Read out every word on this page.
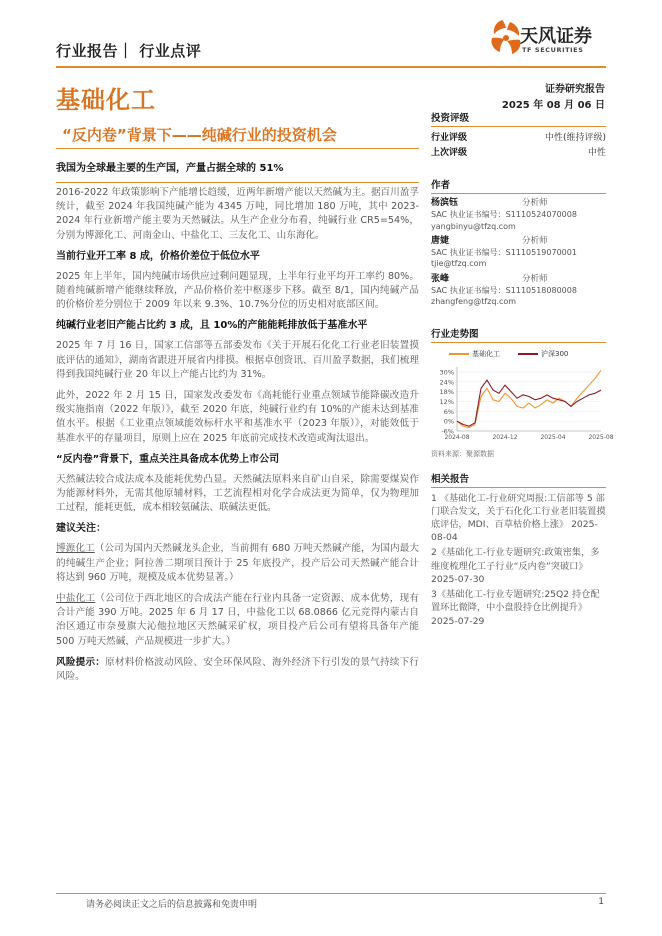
行业报告｜ 行业点评
天风证券
TF SECURITIES
基础化工	证券研究报告
2025 年 08 月 06 日
“反内卷”背景下——纯碱行业的投资机会
我国为全球最主要的生产国，产量占据全球的 51%

2016-2022 年政策影响下产能增长趋缓，近两年新增产能以天然碱为主。据百川盈孚统计，截至 2024 年我国纯碱产能为 4345 万吨，同比增加 180 万吨，其中 2023-2024 年行业新增产能主要为天然碱法。从生产企业分布看，纯碱行业 CR5=54%，分别为博源化工、河南金山、中盐化工、三友化工、山东海化。

当前行业开工率 8 成，价格价差位于低位水平

2025 年上半年，国内纯碱市场供应过剩问题显现，上半年行业平均开工率约 80%。随着纯碱新增产能继续释放，产品价格价差中枢逐步下移。截至 8/1，国内纯碱产品的价格价差分别位于 2009 年以来 9.3%、10.7%分位的历史相对底部区间。

纯碱行业老旧产能占比约 3 成，且 10%的产能能耗排放低于基准水平

2025 年 7 月 16 日，国家工信部等五部委发布《关于开展石化化工行业老旧装置摸底评估的通知》，湖南省跟进开展省内排摸。根据卓创资讯、百川盈孚数据，我们梳理得到我国纯碱行业 20 年以上产能占比约为 31%。

此外，2022 年 2 月 15 日，国家发改委发布《高耗能行业重点领域节能降碳改造升级实施指南（2022 年版）》，截至 2020 年底，纯碱行业约有 10%的产能未达到基准值水平。根据《工业重点领域能效标杆水平和基准水平（2023 年版）》，对能效低于基准水平的存量项目，原则上应在 2025 年底前完成技术改造或淘汰退出。

“反内卷”背景下，重点关注具备成本优势上市公司

天然碱法较合成法成本及能耗优势凸显。天然碱法原料来自矿山自采，除需要煤炭作为能源材料外，无需其他原辅材料，工艺流程相对化学合成法更为简单，仅为物理加工过程，能耗更低，成本相较氨碱法、联碱法更低。

建议关注：

博源化工（公司为国内天然碱龙头企业，当前拥有 680 万吨天然碱产能，为国内最大的纯碱生产企业；阿拉善二期项目预计于 25 年底投产，投产后公司天然碱产能合计将达到 960 万吨，规模及成本优势显著。）

中盐化工（公司位于西北地区的合成法产能在行业内具备一定资源、成本优势，现有合计产能 390 万吨。2025 年 6 月 17 日，中盐化工以 68.0866 亿元竞得内蒙古自治区通辽市奈曼旗大沁他拉地区天然碱采矿权，项目投产后公司有望将具备年产能 500 万吨天然碱，产品规模进一步扩大。）

风险提示：原材料价格波动风险、安全环保风险、海外经济下行引发的景气持续下行风险。

投资评级
行业评级	中性(维持评级)
上次评级	中性
作者
杨滨钰	分析师
SAC 执业证书编号：S1110524070008
yangbinyu@tfzq.com
唐婕	分析师
SAC 执业证书编号：S1110519070001
tjie@tfzq.com
张峰	分析师
SAC 执业证书编号：S1110518080008
zhangfeng@tfzq.com
行业走势图
基础化工	沪深300
-6%
0%
6%
12%
18%
24%
30%
2024-08	2024-12	2025-04	2025-08
资料来源：聚源数据
相关报告
1 《基础化工-行业研究周报:工信部等 5 部门联合发文，关于石化化工行业老旧装置摸底评估，MDI、百草枯价格上涨》 2025-08-04
2《基础化工-行业专题研究:政策密集，多维度梳理化工子行业“反内卷”突破口》 2025-07-30
3《基础化工-行业专题研究:25Q2 持仓配置环比微降，中小盘股持仓比例提升》 2025-07-29
请务必阅读正文之后的信息披露和免责申明	1
